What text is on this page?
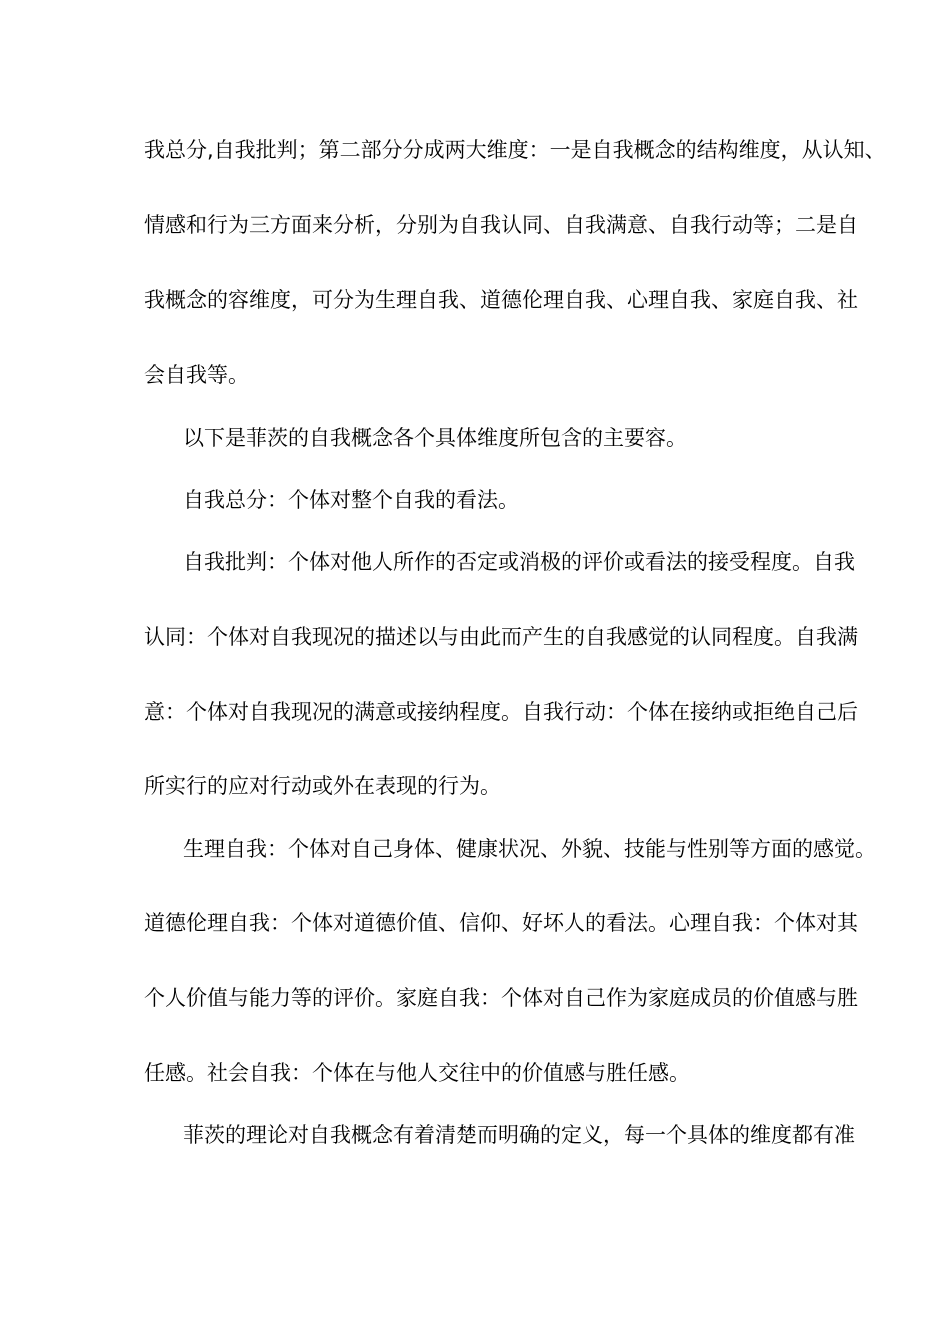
我总分,自我批判；第二部分分成两大维度：一是自我概念的结构维度，从认知、
情感和行为三方面来分析，分别为自我认同、自我满意、自我行动等；二是自
我概念的容维度，可分为生理自我、道德伦理自我、心理自我、家庭自我、社
会自我等。
以下是菲茨的自我概念各个具体维度所包含的主要容。
自我总分：个体对整个自我的看法。
自我批判：个体对他人所作的否定或消极的评价或看法的接受程度。自我
认同：个体对自我现况的描述以与由此而产生的自我感觉的认同程度。自我满
意：个体对自我现况的满意或接纳程度。自我行动：个体在接纳或拒绝自己后
所实行的应对行动或外在表现的行为。
生理自我：个体对自己身体、健康状况、外貌、技能与性别等方面的感觉。
道德伦理自我：个体对道德价值、信仰、好坏人的看法。心理自我：个体对其
个人价值与能力等的评价。家庭自我：个体对自己作为家庭成员的价值感与胜
任感。社会自我：个体在与他人交往中的价值感与胜任感。
菲茨的理论对自我概念有着清楚而明确的定义，每一个具体的维度都有准
